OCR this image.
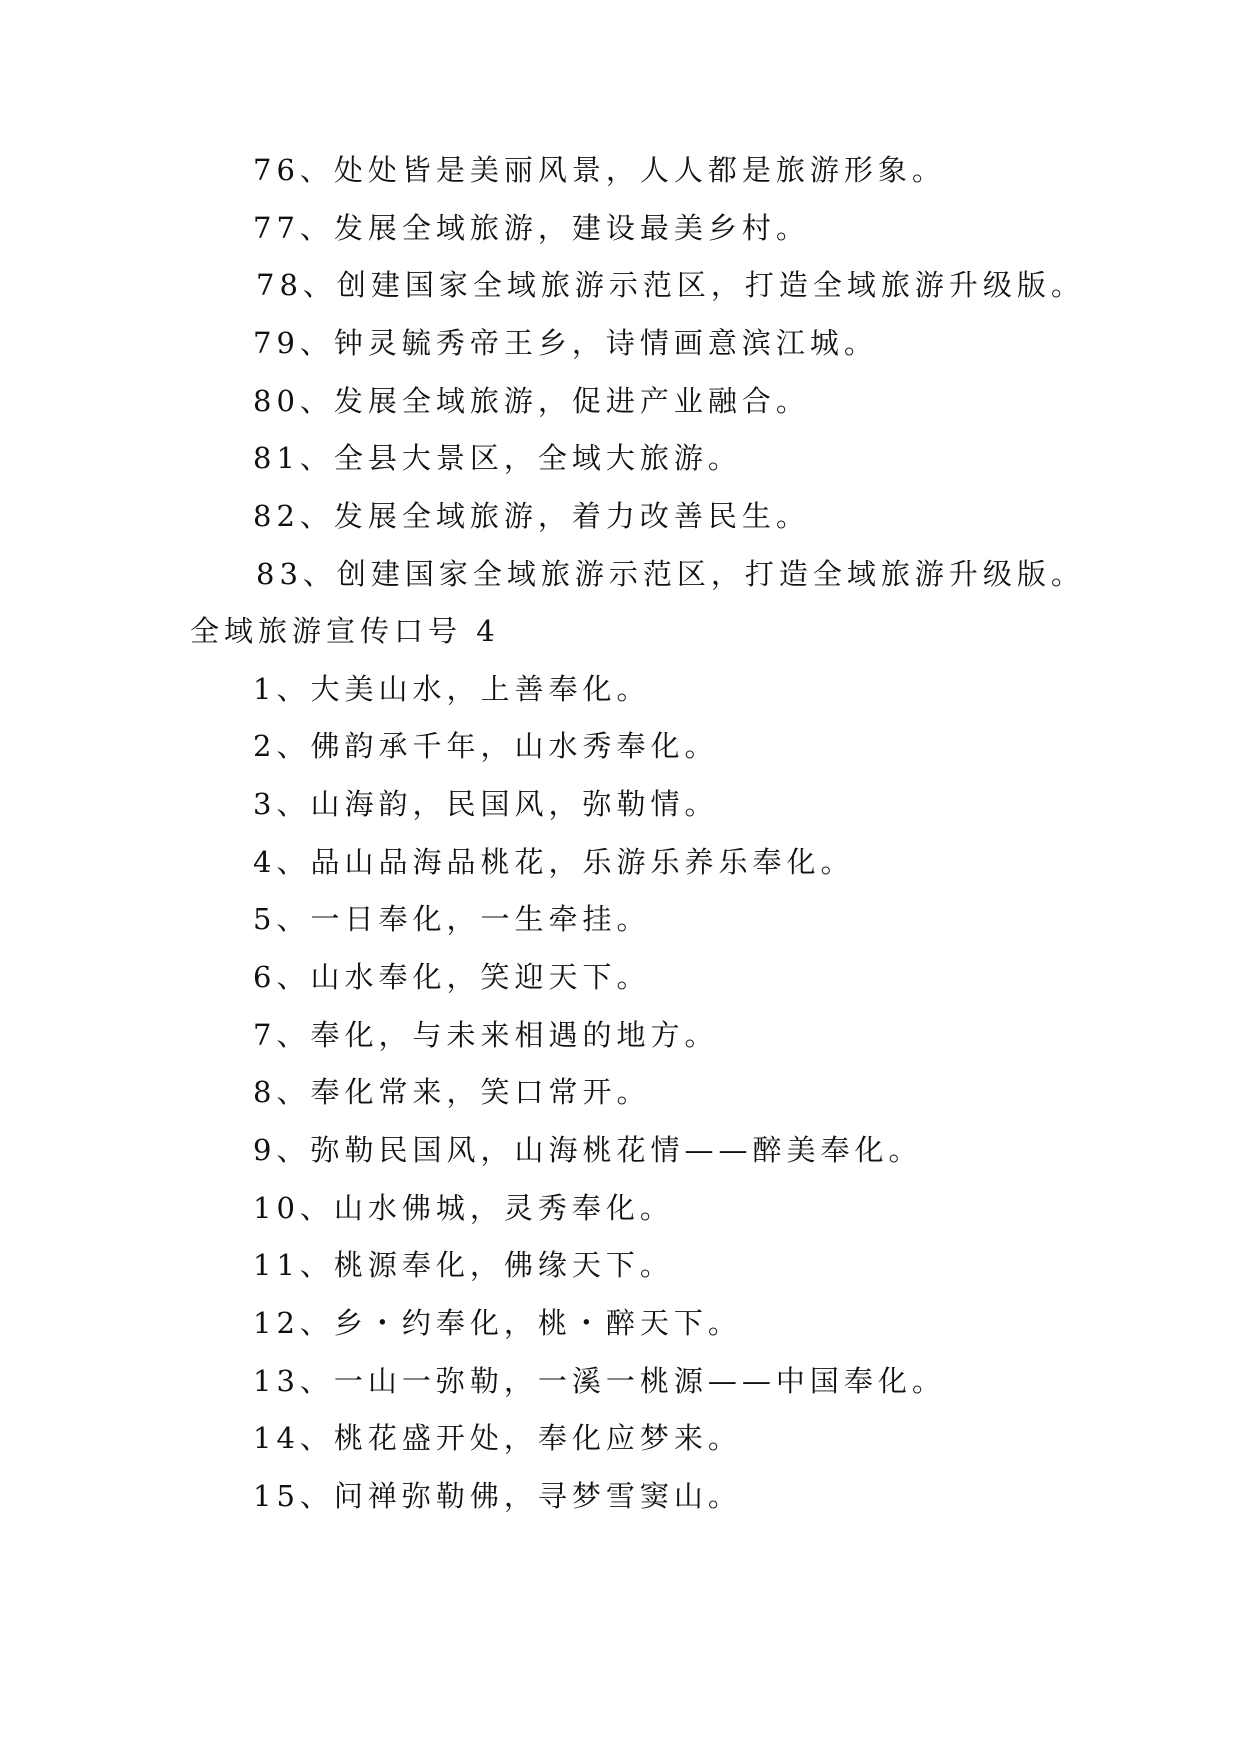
76、处处皆是美丽风景，人人都是旅游形象。
77、发展全域旅游，建设最美乡村。
78、创建国家全域旅游示范区，打造全域旅游升级版。
79、钟灵毓秀帝王乡，诗情画意滨江城。
80、发展全域旅游，促进产业融合。
81、全县大景区，全域大旅游。
82、发展全域旅游，着力改善民生。
83、创建国家全域旅游示范区，打造全域旅游升级版。
全域旅游宣传口号 4
1、大美山水，上善奉化。
2、佛韵承千年，山水秀奉化。
3、山海韵，民国风，弥勒情。
4、品山品海品桃花，乐游乐养乐奉化。
5、一日奉化，一生牵挂。
6、山水奉化，笑迎天下。
7、奉化，与未来相遇的地方。
8、奉化常来，笑口常开。
9、弥勒民国风，山海桃花情——醉美奉化。
10、山水佛城，灵秀奉化。
11、桃源奉化，佛缘天下。
12、乡・约奉化，桃・醉天下。
13、一山一弥勒，一溪一桃源——中国奉化。
14、桃花盛开处，奉化应梦来。
15、问禅弥勒佛，寻梦雪窦山。
